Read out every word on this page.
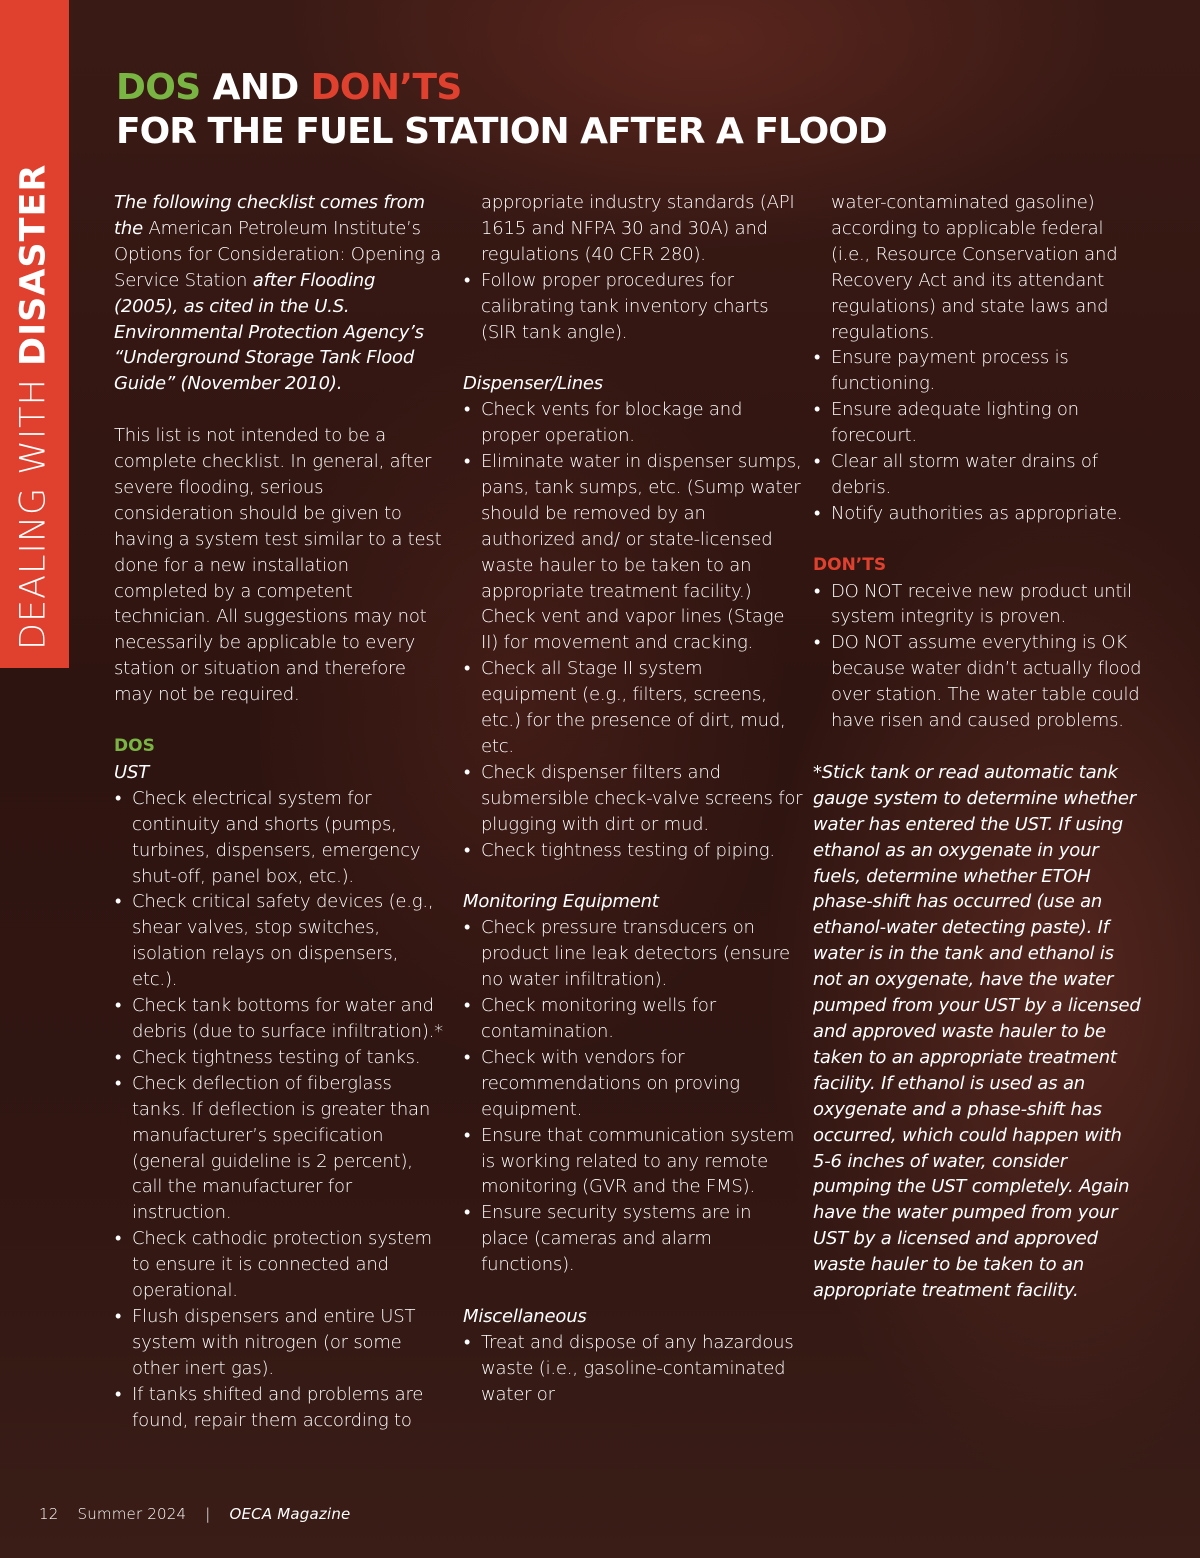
DEALING WITH DISASTER
DOS AND DON’TS
FOR THE FUEL STATION AFTER A FLOOD

The following checklist comes from the American Petroleum Institute’s Options for Consideration: Opening a Service Station after Flooding (2005), as cited in the U.S. Environmental Protection Agency’s “Underground Storage Tank Flood Guide” (November 2010).

This list is not intended to be a complete checklist. In general, after severe flooding, serious consideration should be given to having a system test similar to a test done for a new installation completed by a competent technician. All suggestions may not necessarily be applicable to every station or situation and therefore may not be required.

DOS

UST

• Check electrical system for continuity and shorts (pumps, turbines, dispensers, emergency shut-off, panel box, etc.).
• Check critical safety devices (e.g., shear valves, stop switches, isolation relays on dispensers, etc.).
• Check tank bottoms for water and debris (due to surface infiltration).*
• Check tightness testing of tanks.
• Check deflection of fiberglass tanks. If deflection is greater than manufacturer’s specification (general guideline is 2 percent), call the manufacturer for instruction.
• Check cathodic protection system to ensure it is connected and operational.
• Flush dispensers and entire UST system with nitrogen (or some other inert gas).
• If tanks shifted and problems are found, repair them according to

appropriate industry standards (API 1615 and NFPA 30 and 30A) and regulations (40 CFR 280).

• Follow proper procedures for calibrating tank inventory charts (SIR tank angle).

Dispenser/Lines

• Check vents for blockage and proper operation.
• Eliminate water in dispenser sumps, pans, tank sumps, etc. (Sump water should be removed by an authorized and/ or state-licensed waste hauler to be taken to an appropriate treatment facility.) Check vent and vapor lines (Stage II) for movement and cracking.
• Check all Stage II system equipment (e.g., filters, screens, etc.) for the presence of dirt, mud, etc.
• Check dispenser filters and submersible check-valve screens for plugging with dirt or mud.
• Check tightness testing of piping.

Monitoring Equipment

• Check pressure transducers on product line leak detectors (ensure no water infiltration).
• Check monitoring wells for contamination.
• Check with vendors for recommendations on proving equipment.
• Ensure that communication system is working related to any remote monitoring (GVR and the FMS).
• Ensure security systems are in place (cameras and alarm functions).

Miscellaneous

• Treat and dispose of any hazardous waste (i.e., gasoline-contaminated water or

water-contaminated gasoline) according to applicable federal (i.e., Resource Conservation and Recovery Act and its attendant regulations) and state laws and regulations.

• Ensure payment process is functioning.
• Ensure adequate lighting on forecourt.
• Clear all storm water drains of debris.
• Notify authorities as appropriate.

DON’TS

• DO NOT receive new product until system integrity is proven.
• DO NOT assume everything is OK because water didn’t actually flood over station. The water table could have risen and caused problems.

*Stick tank or read automatic tank gauge system to determine whether water has entered the UST. If using ethanol as an oxygenate in your fuels, determine whether ETOH phase-shift has occurred (use an ethanol-water detecting paste). If water is in the tank and ethanol is not an oxygenate, have the water pumped from your UST by a licensed and approved waste hauler to be taken to an appropriate treatment facility. If ethanol is used as an oxygenate and a phase-shift has occurred, which could happen with 5-6 inches of water, consider pumping the UST completely. Again have the water pumped from your UST by a licensed and approved waste hauler to be taken to an appropriate treatment facility.

12 Summer 2024 | OECA Magazine
